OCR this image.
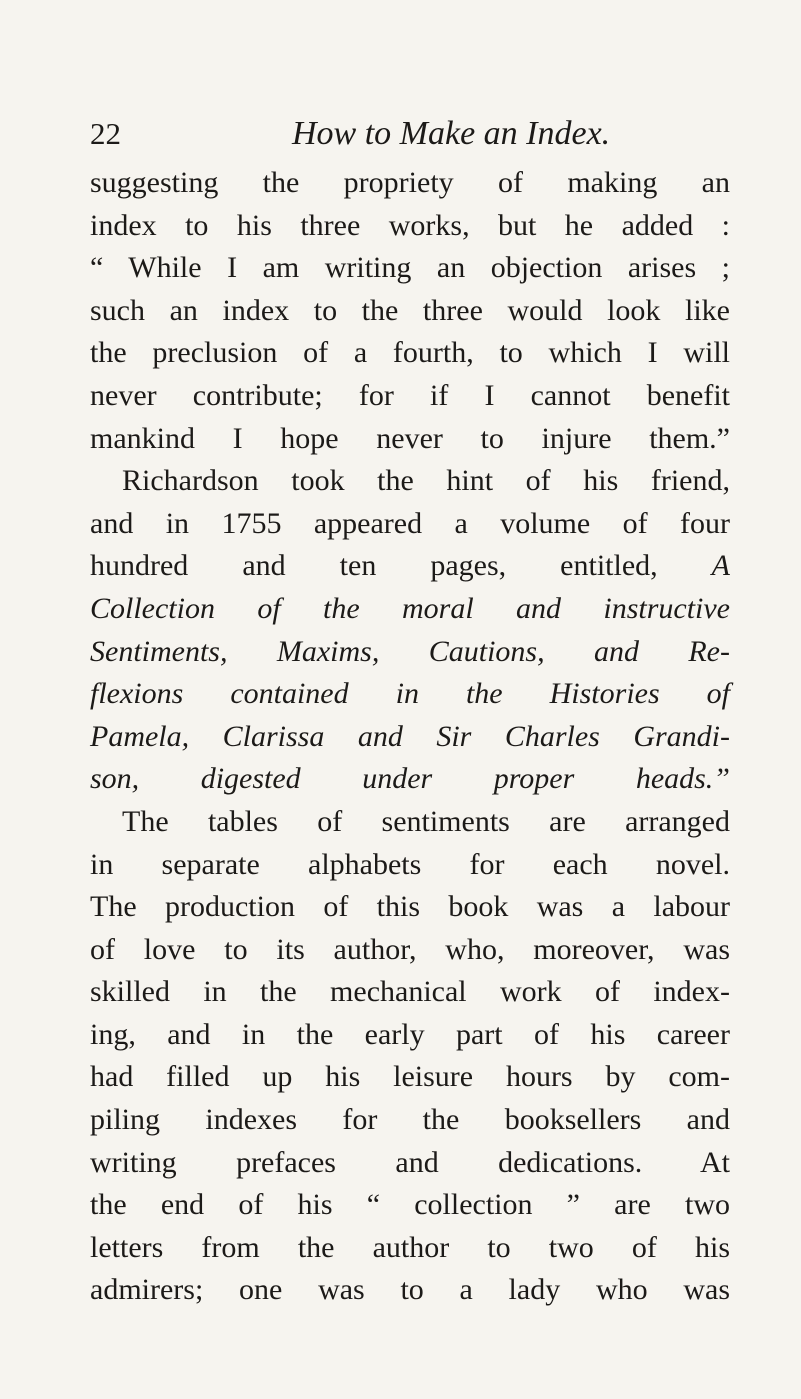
22	How to Make an Index.
suggesting the propriety of making an
index to his three works, but he added :
“ While I am writing an objection arises ;
such an index to the three would look like
the preclusion of a fourth, to which I will
never contribute; for if I cannot benefit
mankind I hope never to injure them.”
Richardson took the hint of his friend,
and in 1755 appeared a volume of four
hundred and ten pages, entitled, A
Collection of the moral and instructive
Sentiments, Maxims, Cautions, and Re-
flexions contained in the Histories of
Pamela, Clarissa and Sir Charles Grandi-
son, digested under proper heads.”
The tables of sentiments are arranged
in separate alphabets for each novel.
The production of this book was a labour
of love to its author, who, moreover, was
skilled in the mechanical work of index-
ing, and in the early part of his career
had filled up his leisure hours by com-
piling indexes for the booksellers and
writing prefaces and dedications. At
the end of his “ collection ” are two
letters from the author to two of his
admirers; one was to a lady who was
